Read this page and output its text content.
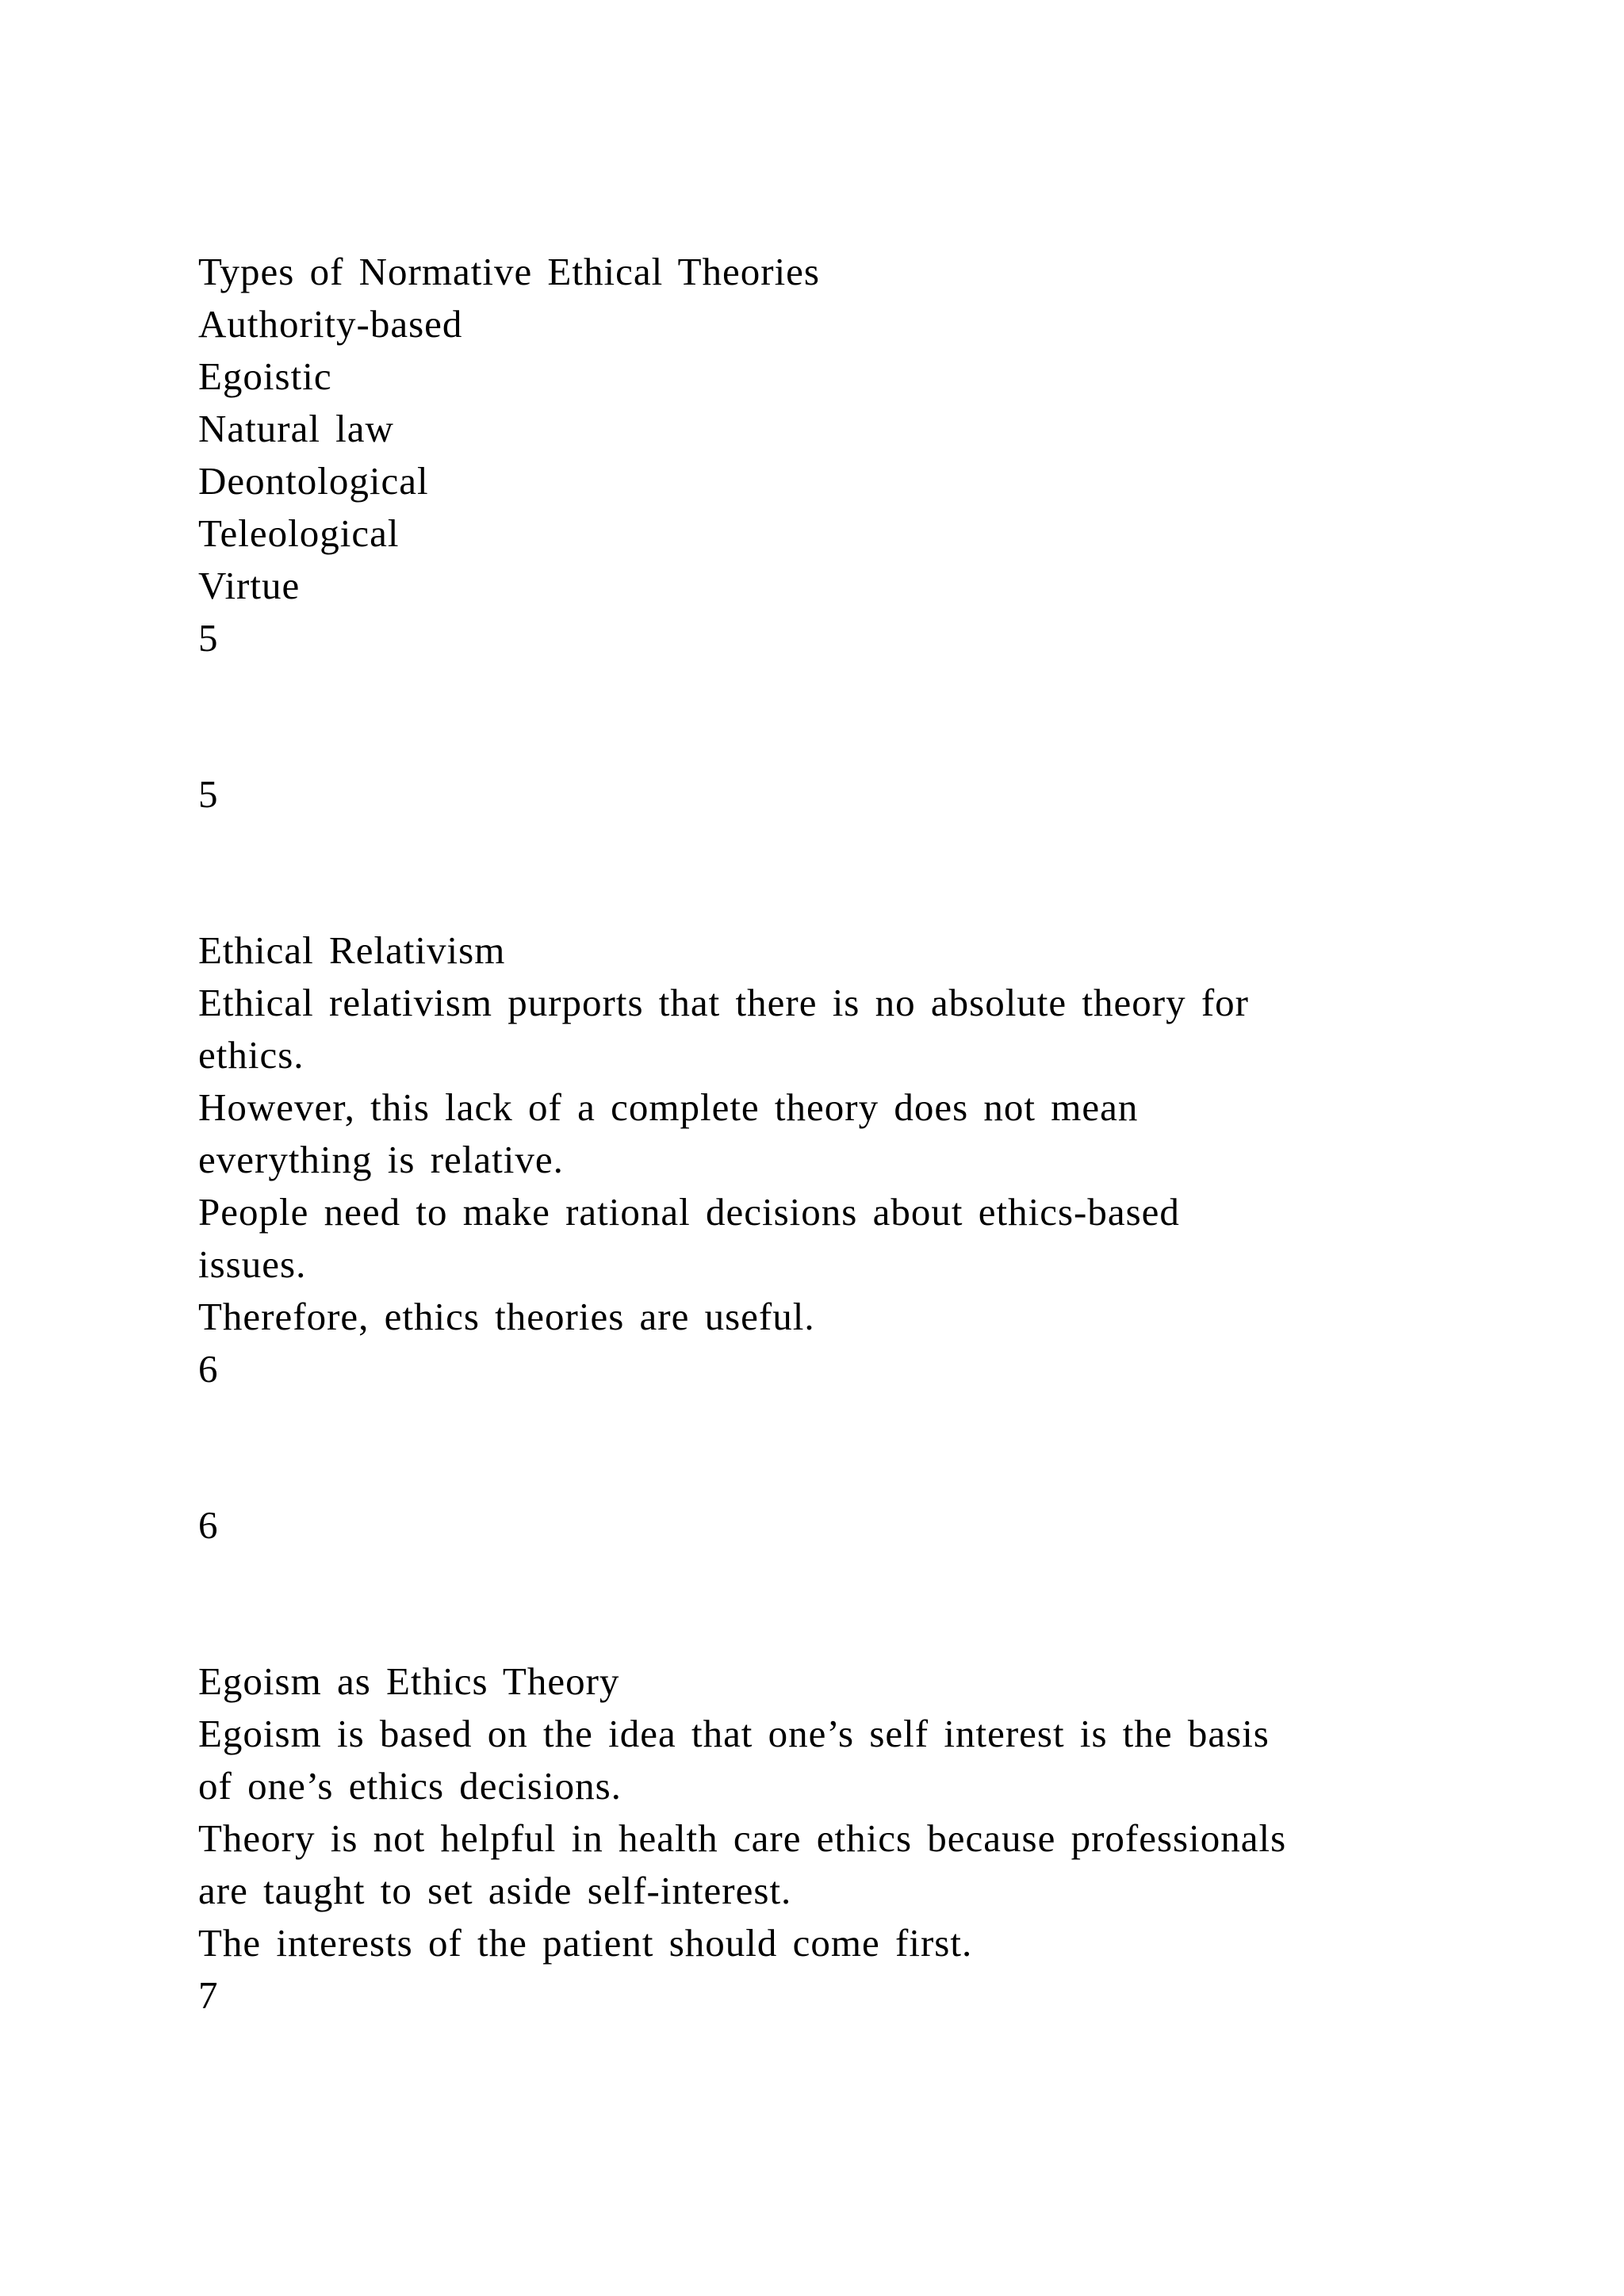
Types of Normative Ethical Theories

Authority-based

Egoistic

Natural law

Deontological

Teleological

Virtue

5

5

Ethical Relativism

Ethical relativism purports that there is no absolute theory for

ethics.

However, this lack of a complete theory does not mean

everything is relative.

People need to make rational decisions about ethics-based

issues.

Therefore, ethics theories are useful.

6

6

Egoism as Ethics Theory

Egoism is based on the idea that one’s self interest is the basis

of one’s ethics decisions.

Theory is not helpful in health care ethics because professionals

are taught to set aside self-interest.

The interests of the patient should come first.

7
